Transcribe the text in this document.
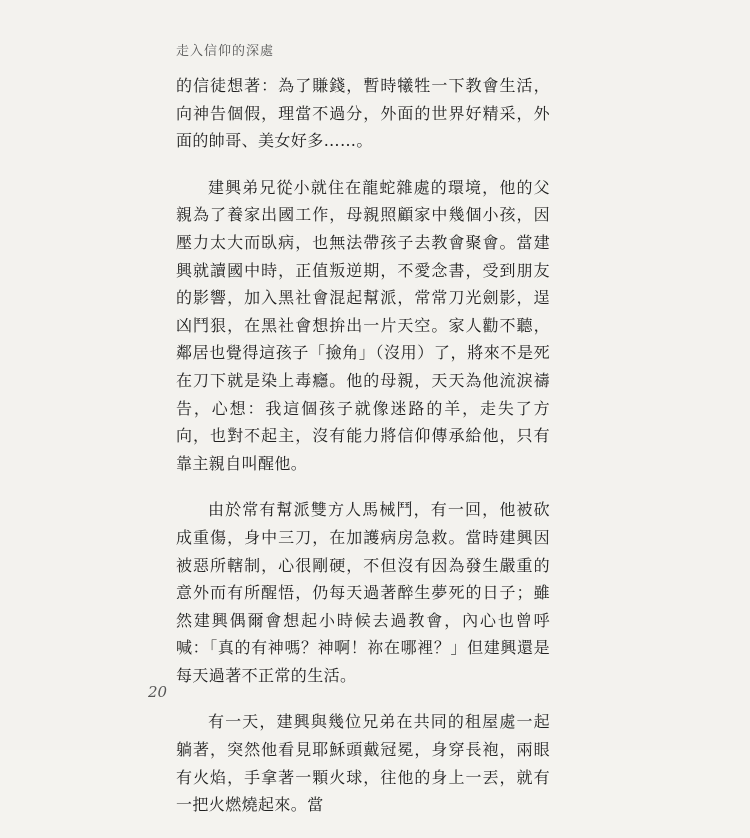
走入信仰的深處

的信徒想著：為了賺錢，暫時犧牲一下教會生活，向神告個假，理當不過分，外面的世界好精采，外面的帥哥、美女好多……。

建興弟兄從小就住在龍蛇雜處的環境，他的父親為了養家出國工作，母親照顧家中幾個小孩，因壓力太大而臥病，也無法帶孩子去教會聚會。當建興就讀國中時，正值叛逆期，不愛念書，受到朋友的影響，加入黑社會混起幫派，常常刀光劍影，逞凶鬥狠，在黑社會想拚出一片天空。家人勸不聽，鄰居也覺得這孩子「撿角」（沒用）了，將來不是死在刀下就是染上毒癮。他的母親，天天為他流淚禱告，心想：我這個孩子就像迷路的羊，走失了方向，也對不起主，沒有能力將信仰傳承給他，只有靠主親自叫醒他。

由於常有幫派雙方人馬械鬥，有一回，他被砍成重傷，身中三刀，在加護病房急救。當時建興因被惡所轄制，心很剛硬，不但沒有因為發生嚴重的意外而有所醒悟，仍每天過著醉生夢死的日子；雖然建興偶爾會想起小時候去過教會，內心也曾呼喊：「真的有神嗎？神啊！祢在哪裡？」但建興還是每天過著不正常的生活。

有一天，建興與幾位兄弟在共同的租屋處一起躺著，突然他看見耶穌頭戴冠冕，身穿長袍，兩眼有火焰，手拿著一顆火球，往他的身上一丟，就有一把火燃燒起來。當

20
